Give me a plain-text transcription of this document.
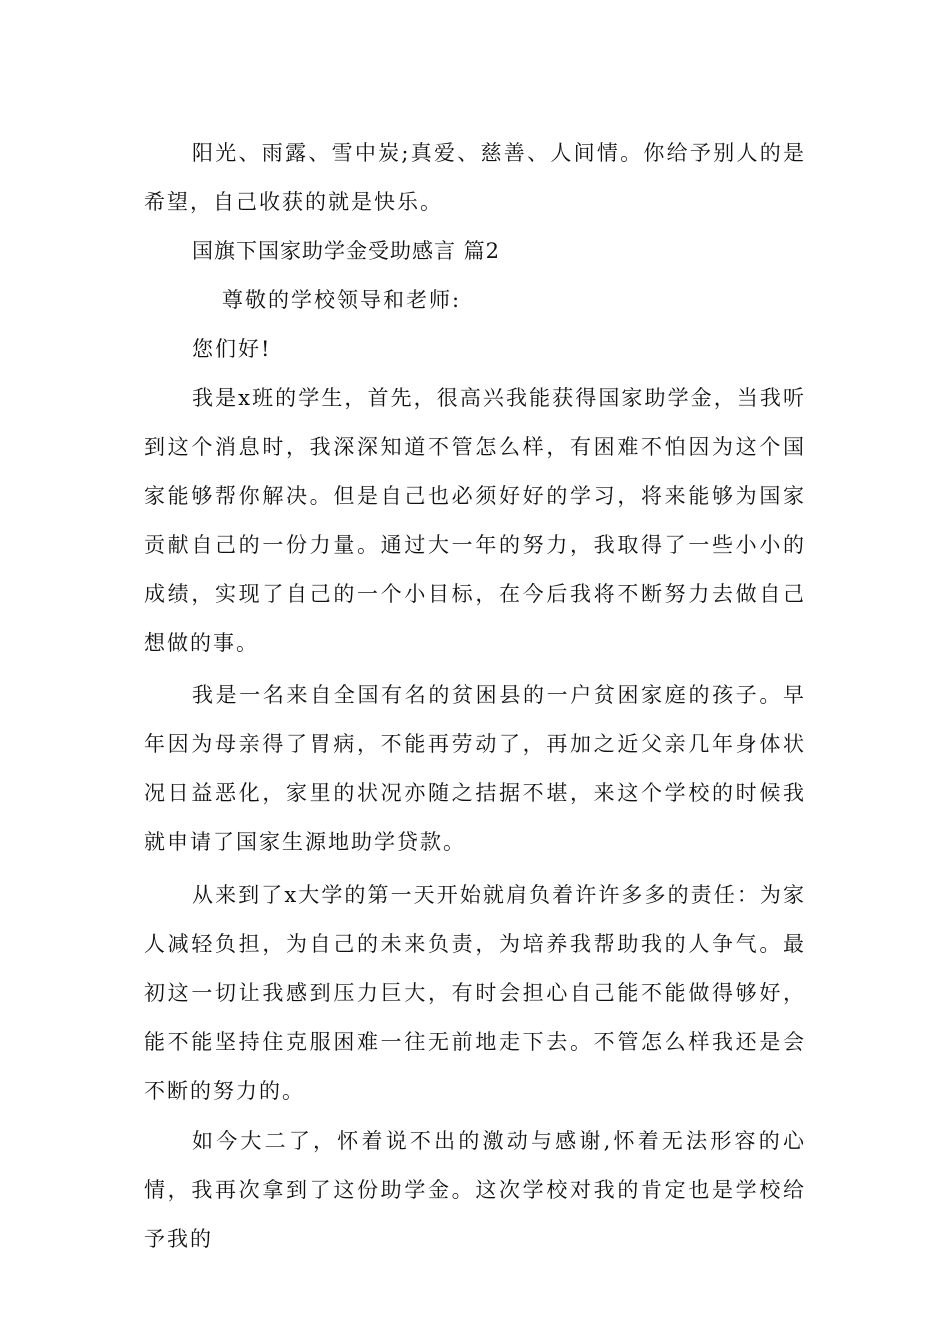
阳光、雨露、雪中炭;真爱、慈善、人间情。你给予别人的是希望，自己收获的就是快乐。

国旗下国家助学金受助感言 篇2

尊敬的学校领导和老师:

您们好!

我是x班的学生，首先，很高兴我能获得国家助学金，当我听到这个消息时，我深深知道不管怎么样，有困难不怕因为这个国家能够帮你解决。但是自己也必须好好的学习，将来能够为国家贡献自己的一份力量。通过大一年的努力，我取得了一些小小的成绩，实现了自己的一个小目标，在今后我将不断努力去做自己想做的事。

我是一名来自全国有名的贫困县的一户贫困家庭的孩子。早年因为母亲得了胃病，不能再劳动了，再加之近父亲几年身体状况日益恶化，家里的状况亦随之拮据不堪，来这个学校的时候我就申请了国家生源地助学贷款。

从来到了x大学的第一天开始就肩负着许许多多的责任：为家人减轻负担，为自己的未来负责，为培养我帮助我的人争气。最初这一切让我感到压力巨大，有时会担心自己能不能做得够好，能不能坚持住克服困难一往无前地走下去。不管怎么样我还是会不断的努力的。

如今大二了，怀着说不出的激动与感谢,怀着无法形容的心情，我再次拿到了这份助学金。这次学校对我的肯定也是学校给予我的
